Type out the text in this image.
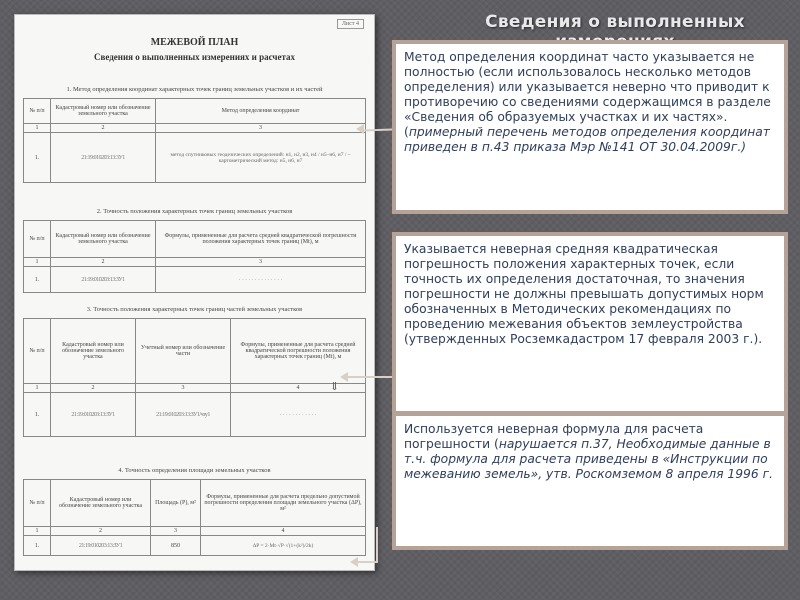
Сведения о выполненных
Лист 4
МЕЖЕВОЙ ПЛАН
Сведения о выполненных измерениях и расчетах
1. Метод определения координат характерных точек границ земельных участков и их частей
№ п/п	Кадастровый номер или обозначение земельного участка	Метод определения координат
1	2	3
1.	21:19:010203:13:3У1	метод спутниковых геодезических определений: н1, н2, н3, н4 / н5–н6, н7 / – картометрический метод: н5, н6, н7
2. Точность положения характерных точек границ земельных участков
№ п/п	Кадастровый номер или обозначение земельного участка	Формулы, примененные для расчета средней квадратической погрешности положения характерных точек границ (Mt), м
1	2	3
1.	21:19:010203:13:ЗУ1	· · · · · · · · · · · · · ·
3. Точность положения характерных точек границ частей земельных участков
№ п/п	Кадастровый номер или обозначение земельного участка	Учетный номер или обозначение части	Формулы, примененные для расчета средней квадратической погрешности положения характерных точек границ (Mt), м
1	2	3	4
1.	21:19:010203:13:ЗУ1	21:19:010203:13:ЗУ1/чзу1	· · · · · · · · · · · ·
4. Точность определения площади земельных участков
№ п/п	Кадастровый номер или обозначение земельного участка	Площадь (P), м²	Формулы, примененные для расчета предельно допустимой погрешности определения площади земельного участка (ΔP), м²
1	2	3	4
1.	21:19:010203:13:ЗУ1	850	ΔP = 2·Mt·√P·√(1+(k²)/2k)
⇓
Метод определения координат часто указывается не полностью (если использовалось несколько методов определения) или указывается неверно что приводит к противоречию со сведениями содержащимся в разделе «Сведения об образуемых участках и их частях». (примерный перечень методов определения координат приведен в п.43 приказа Мэр №141 ОТ 30.04.2009г.)
Указывается неверная средняя квадратическая погрешность положения характерных точек, если точность их определения достаточная, то значения погрешности не должны превышать допустимых норм обозначенных в Методических рекомендациях по проведению межевания объектов землеустройства (утвержденных Росземкадастром 17 февраля 2003 г.).
Используется неверная формула для расчета погрешности (нарушается п.37, Необходимые данные в т.ч. формула для расчета приведены в «Инструкции по межеванию земель», утв. Роскомземом 8 апреля 1996 г.
